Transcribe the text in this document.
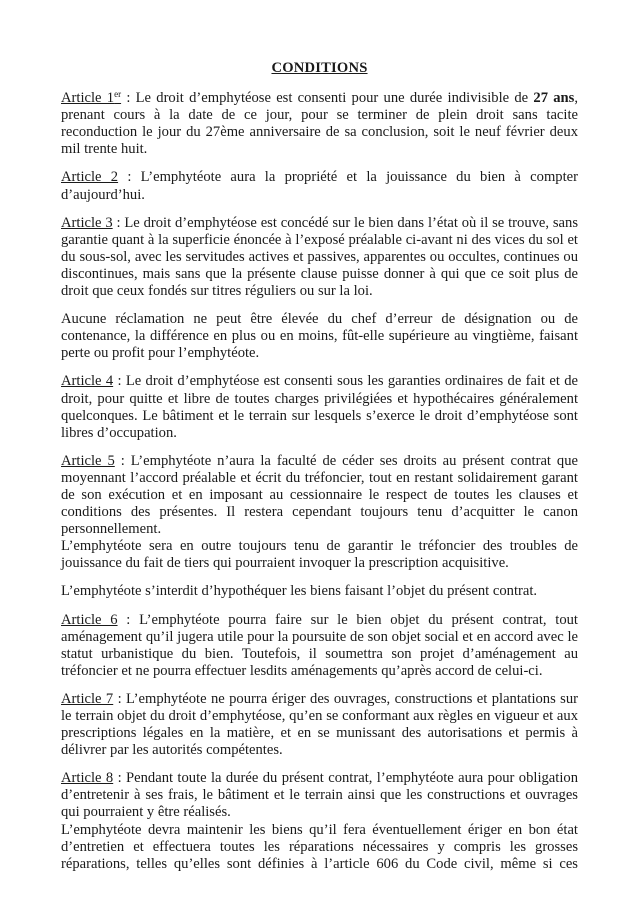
CONDITIONS

Article 1er : Le droit d’emphytéose est consenti pour une durée indivisible de 27 ans, prenant cours à la date de ce jour, pour se terminer de plein droit sans tacite reconduction le jour du 27ème anniversaire de sa conclusion, soit le neuf février deux mil trente huit.

Article 2 : L’emphytéote aura la propriété et la jouissance du bien à compter d’aujourd’hui.

Article 3 : Le droit d’emphytéose est concédé sur le bien dans l’état où il se trouve, sans garantie quant à la superficie énoncée à l’exposé préalable ci-avant ni des vices du sol et du sous-sol, avec les servitudes actives et passives, apparentes ou occultes, continues ou discontinues, mais sans que la présente clause puisse donner à qui que ce soit plus de droit que ceux fondés sur titres réguliers ou sur la loi.

Aucune réclamation ne peut être élevée du chef d’erreur de désignation ou de contenance, la différence en plus ou en moins, fût-elle supérieure au vingtième, faisant perte ou profit pour l’emphytéote.

Article 4 : Le droit d’emphytéose est consenti sous les garanties ordinaires de fait et de droit, pour quitte et libre de toutes charges privilégiées et hypothécaires généralement quelconques. Le bâtiment et le terrain sur lesquels s’exerce le droit d’emphytéose sont libres d’occupation.

Article 5 : L’emphytéote n’aura la faculté de céder ses droits au présent contrat que moyennant l’accord préalable et écrit du tréfoncier, tout en restant solidairement garant de son exécution et en imposant au cessionnaire le respect de toutes les clauses et conditions des présentes. Il restera cependant toujours tenu d’acquitter le canon personnellement.

L’emphytéote sera en outre toujours tenu de garantir le tréfoncier des troubles de jouissance du fait de tiers qui pourraient invoquer la prescription acquisitive.

L’emphytéote s’interdit d’hypothéquer les biens faisant l’objet du présent contrat.

Article 6 : L’emphytéote pourra faire sur le bien objet du présent contrat, tout aménagement qu’il jugera utile pour la poursuite de son objet social et en accord avec le statut urbanistique du bien. Toutefois, il soumettra son projet d’aménagement au tréfoncier et ne pourra effectuer lesdits aménagements qu’après accord de celui-ci.

Article 7 : L’emphytéote ne pourra ériger des ouvrages, constructions et plantations sur le terrain objet du droit d’emphytéose, qu’en se conformant aux règles en vigueur et aux prescriptions légales en la matière, et en se munissant des autorisations et permis à délivrer par les autorités compétentes.

Article 8 : Pendant toute la durée du présent contrat, l’emphytéote aura pour obligation d’entretenir à ses frais, le bâtiment et le terrain ainsi que les constructions et ouvrages qui pourraient y être réalisés.

L’emphytéote devra maintenir les biens qu’il fera éventuellement ériger en bon état d’entretien et effectuera toutes les réparations nécessaires y compris les grosses réparations, telles qu’elles sont définies à l’article 606 du Code civil, même si ces
